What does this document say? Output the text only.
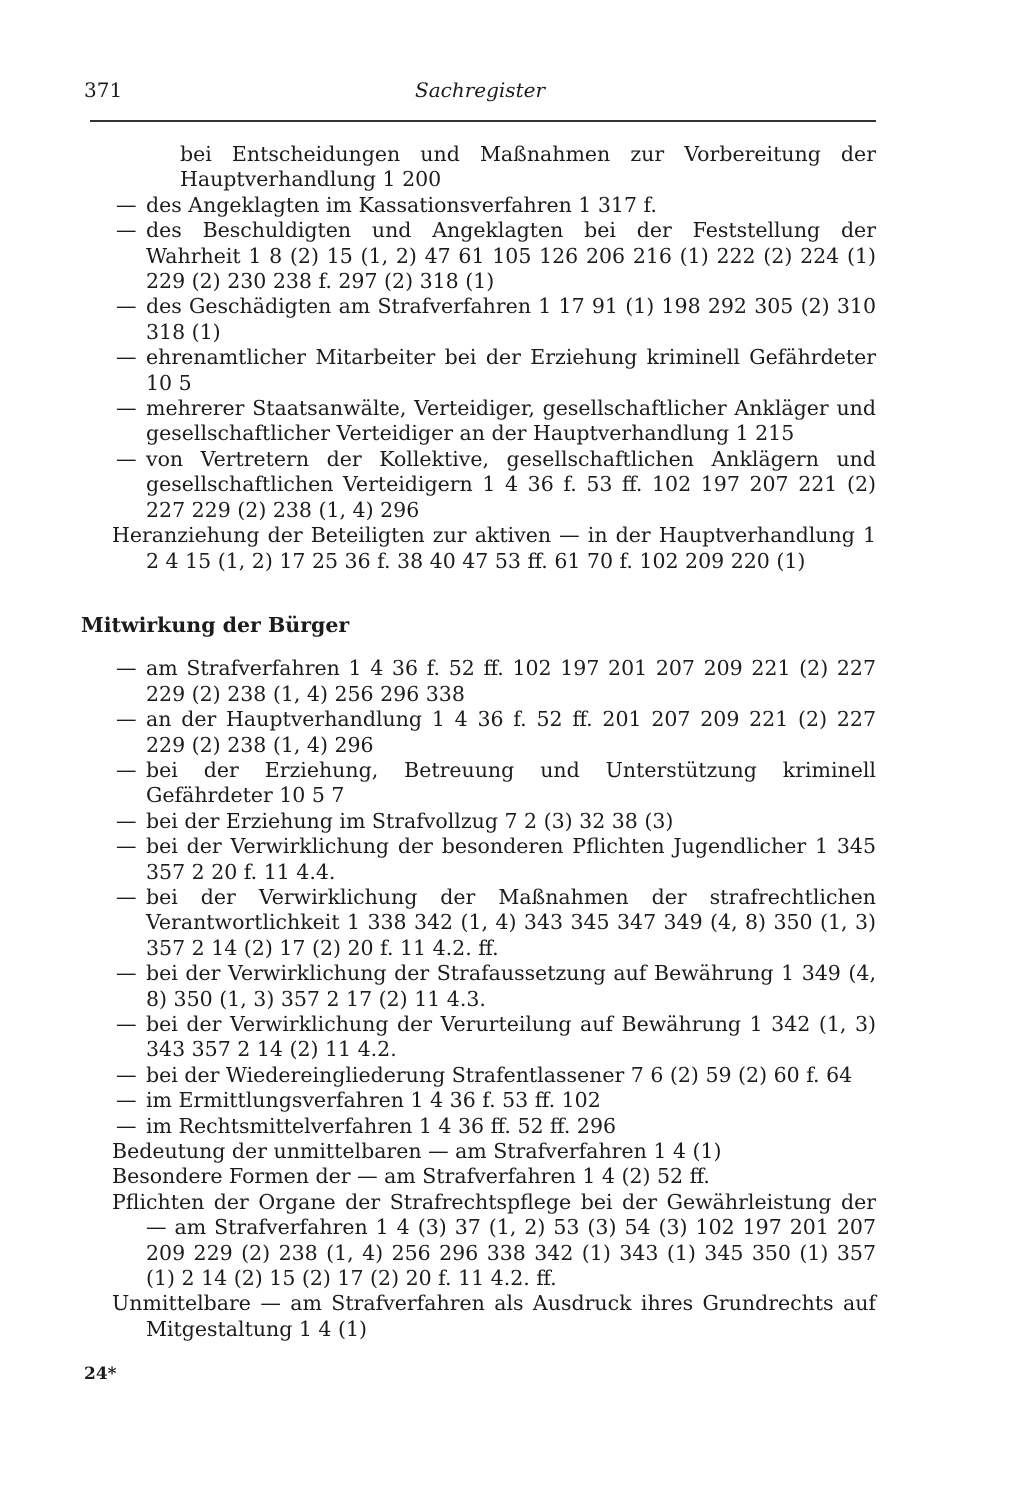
371	Sachregister
bei Entscheidungen und Maßnahmen zur Vorbereitung der Hauptverhandlung 1 200
— des Angeklagten im Kassationsverfahren 1 317 f.
— des Beschuldigten und Angeklagten bei der Feststellung der Wahrheit 1 8 (2) 15 (1, 2) 47 61 105 126 206 216 (1) 222 (2) 224 (1) 229 (2) 230 238 f. 297 (2) 318 (1)
— des Geschädigten am Strafverfahren 1 17 91 (1) 198 292 305 (2) 310 318 (1)
— ehrenamtlicher Mitarbeiter bei der Erziehung kriminell Gefährdeter 10 5
— mehrerer Staatsanwälte, Verteidiger, gesellschaftlicher Ankläger und gesellschaftlicher Verteidiger an der Hauptverhandlung 1 215
— von Vertretern der Kollektive, gesellschaftlichen Anklägern und gesellschaftlichen Verteidigern 1 4 36 f. 53 ff. 102 197 207 221 (2) 227 229 (2) 238 (1, 4) 296
Heranziehung der Beteiligten zur aktiven — in der Hauptverhandlung 1 2 4 15 (1, 2) 17 25 36 f. 38 40 47 53 ff. 61 70 f. 102 209 220 (1)
Mitwirkung der Bürger
— am Strafverfahren 1 4 36 f. 52 ff. 102 197 201 207 209 221 (2) 227 229 (2) 238 (1, 4) 256 296 338
— an der Hauptverhandlung 1 4 36 f. 52 ff. 201 207 209 221 (2) 227 229 (2) 238 (1, 4) 296
— bei der Erziehung, Betreuung und Unterstützung kriminell Gefährdeter 10 5 7
— bei der Erziehung im Strafvollzug 7 2 (3) 32 38 (3)
— bei der Verwirklichung der besonderen Pflichten Jugendlicher 1 345 357 2 20 f. 11 4.4.
— bei der Verwirklichung der Maßnahmen der strafrechtlichen Verantwortlichkeit 1 338 342 (1, 4) 343 345 347 349 (4, 8) 350 (1, 3) 357 2 14 (2) 17 (2) 20 f. 11 4.2. ff.
— bei der Verwirklichung der Strafaussetzung auf Bewährung 1 349 (4, 8) 350 (1, 3) 357 2 17 (2) 11 4.3.
— bei der Verwirklichung der Verurteilung auf Bewährung 1 342 (1, 3) 343 357 2 14 (2) 11 4.2.
— bei der Wiedereingliederung Strafentlassener 7 6 (2) 59 (2) 60 f. 64
— im Ermittlungsverfahren 1 4 36 f. 53 ff. 102
— im Rechtsmittelverfahren 1 4 36 ff. 52 ff. 296
Bedeutung der unmittelbaren — am Strafverfahren 1 4 (1)
Besondere Formen der — am Strafverfahren 1 4 (2) 52 ff.
Pflichten der Organe der Strafrechtspflege bei der Gewährleistung der — am Strafverfahren 1 4 (3) 37 (1, 2) 53 (3) 54 (3) 102 197 201 207 209 229 (2) 238 (1, 4) 256 296 338 342 (1) 343 (1) 345 350 (1) 357 (1) 2 14 (2) 15 (2) 17 (2) 20 f. 11 4.2. ff.
Unmittelbare — am Strafverfahren als Ausdruck ihres Grundrechts auf Mitgestaltung 1 4 (1)
24*
